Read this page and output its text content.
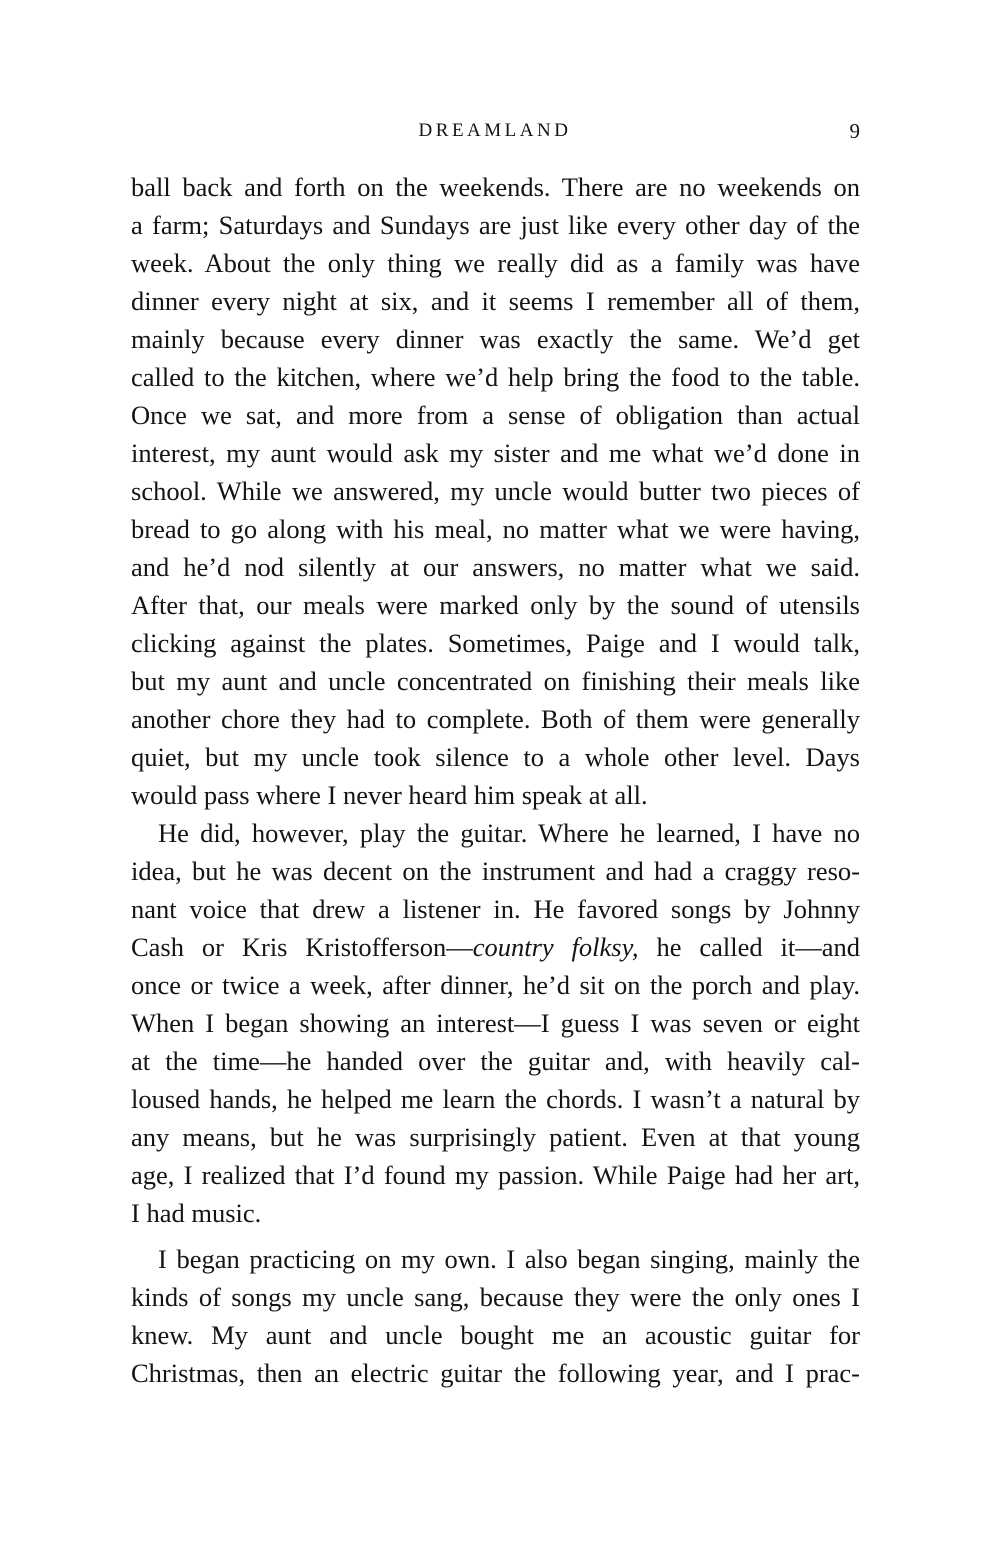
DREAMLAND	9
ball back and forth on the weekends. There are no weekends on
a farm; Saturdays and Sundays are just like every other day of the
week. About the only thing we really did as a family was have
dinner every night at six, and it seems I remember all of them,
mainly because every dinner was exactly the same. We’d get
called to the kitchen, where we’d help bring the food to the table.
Once we sat, and more from a sense of obligation than actual
interest, my aunt would ask my sister and me what we’d done in
school. While we answered, my uncle would butter two pieces of
bread to go along with his meal, no matter what we were having,
and he’d nod silently at our answers, no matter what we said.
After that, our meals were marked only by the sound of utensils
clicking against the plates. Sometimes, Paige and I would talk,
but my aunt and uncle concentrated on finishing their meals like
another chore they had to complete. Both of them were generally
quiet, but my uncle took silence to a whole other level. Days
would pass where I never heard him speak at all.
He did, however, play the guitar. Where he learned, I have no
idea, but he was decent on the instrument and had a craggy reso-
nant voice that drew a listener in. He favored songs by Johnny
Cash or Kris Kristofferson—country folksy, he called it—and
once or twice a week, after dinner, he’d sit on the porch and play.
When I began showing an interest—I guess I was seven or eight
at the time—he handed over the guitar and, with heavily cal-
loused hands, he helped me learn the chords. I wasn’t a natural by
any means, but he was surprisingly patient. Even at that young
age, I realized that I’d found my passion. While Paige had her art,
I had music.
I began practicing on my own. I also began singing, mainly the
kinds of songs my uncle sang, because they were the only ones I
knew. My aunt and uncle bought me an acoustic guitar for
Christmas, then an electric guitar the following year, and I prac-
